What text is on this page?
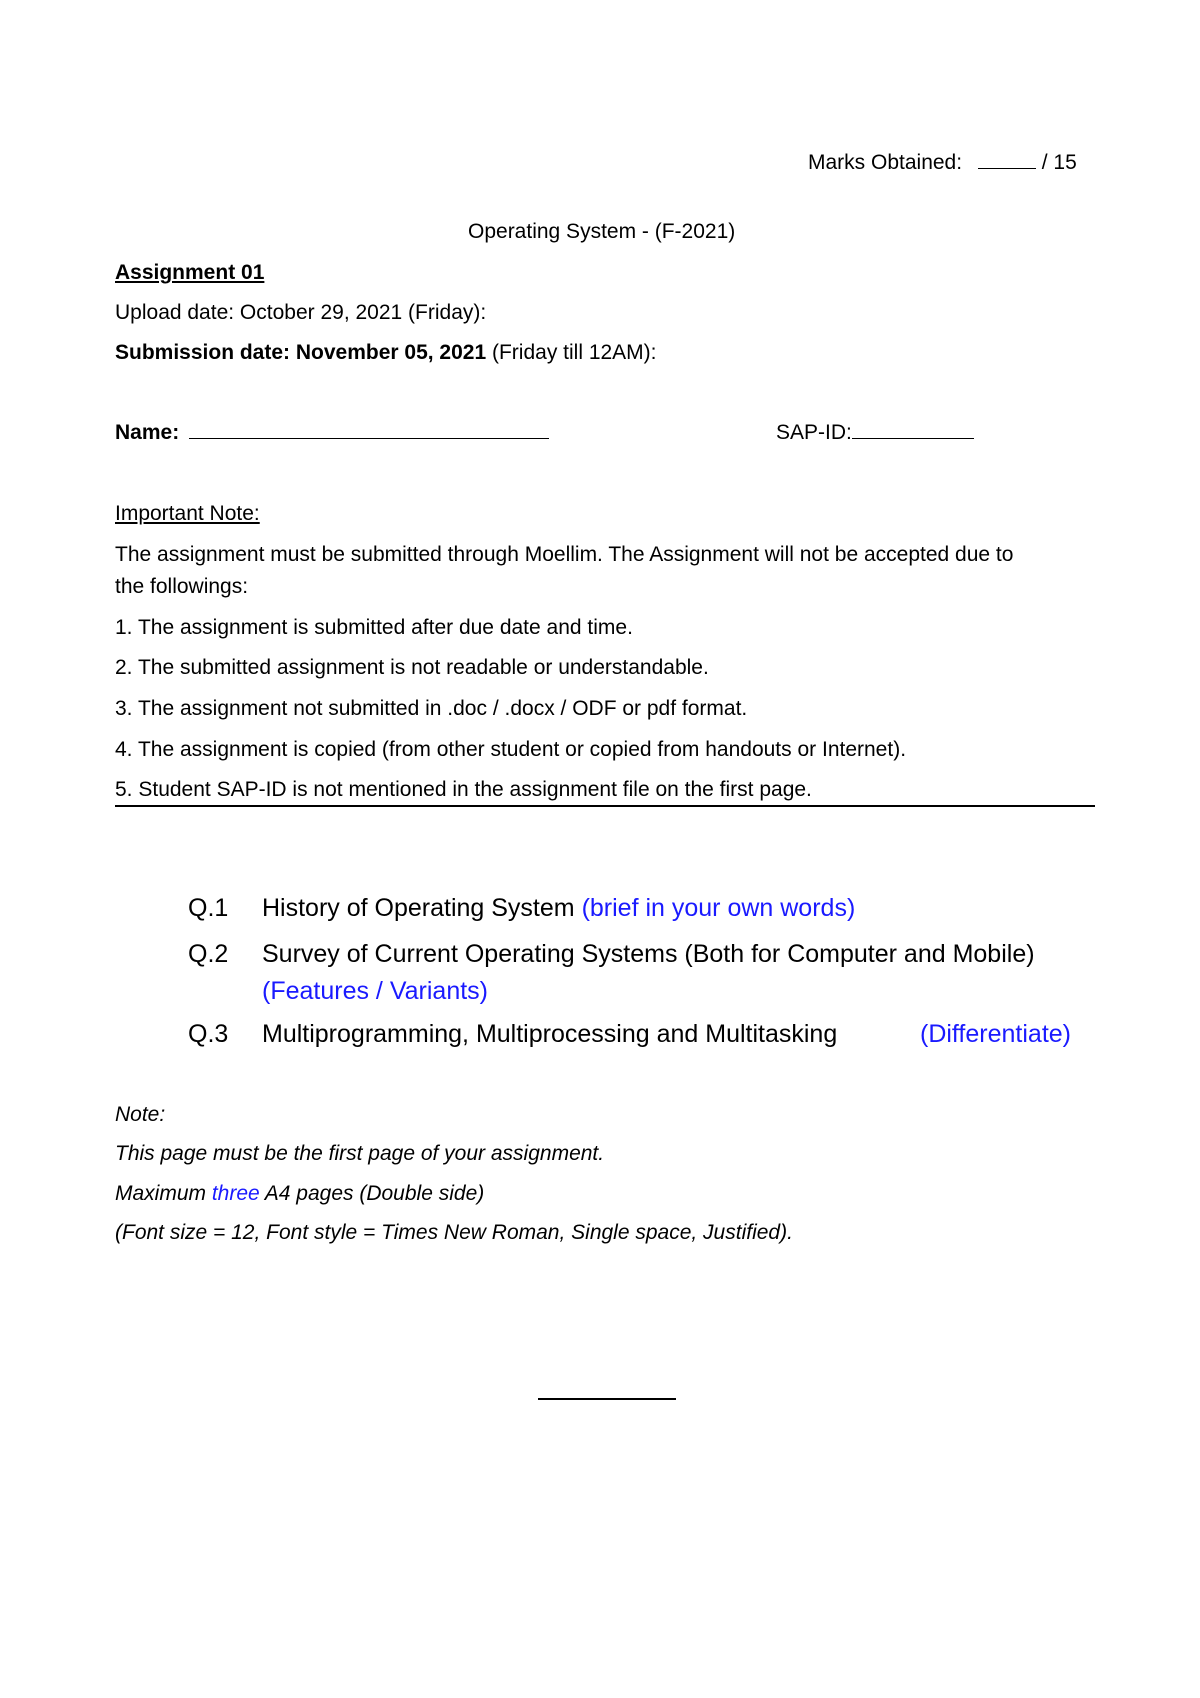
Marks Obtained:	/ 15
Operating System - (F-2021)
Assignment 01
Upload date: October 29, 2021 (Friday):
Submission date: November 05, 2021 (Friday till 12AM):
Name:	SAP-ID:
Important Note:
The assignment must be submitted through Moellim. The Assignment will not be accepted due to
the followings:
1. The assignment is submitted after due date and time.
2. The submitted assignment is not readable or understandable.
3. The assignment not submitted in .doc / .docx / ODF or pdf format.
4. The assignment is copied (from other student or copied from handouts or Internet).
5. Student SAP-ID is not mentioned in the assignment file on the first page.
Q.1 History of Operating System (brief in your own words)
Q.2 Survey of Current Operating Systems (Both for Computer and Mobile)
(Features / Variants)
Q.3 Multiprogramming, Multiprocessing and Multitasking	(Differentiate)
Note:
This page must be the first page of your assignment.
Maximum three A4 pages (Double side)
(Font size = 12, Font style = Times New Roman, Single space, Justified).
